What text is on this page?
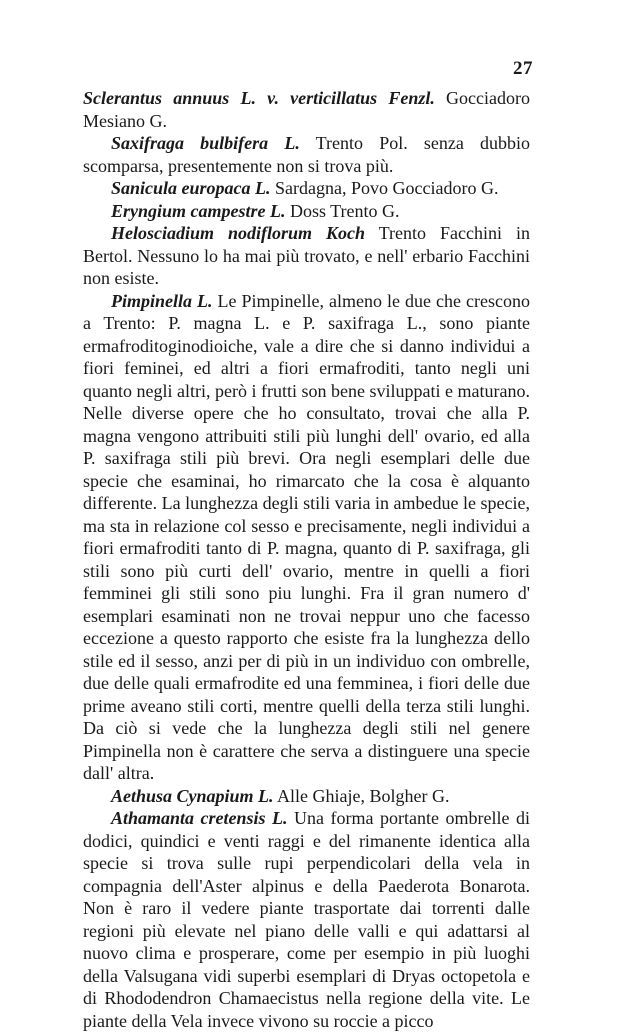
27

Sclerantus annuus L. v. verticillatus Fenzl. Gocciadoro Mesiano G.

Saxifraga bulbifera L. Trento Pol. senza dubbio scomparsa, presentemente non si trova più.

Sanicula europaca L. Sardagna, Povo Gocciadoro G.

Eryngium campestre L. Doss Trento G.

Helosciadium nodiflorum Koch Trento Facchini in Bertol. Nessuno lo ha mai più trovato, e nell' erbario Facchini non esiste.

Pimpinella L. Le Pimpinelle, almeno le due che crescono a Trento: P. magna L. e P. saxifraga L., sono piante ermafroditoginodioiche, vale a dire che si danno individui a fiori feminei, ed altri a fiori ermafroditi, tanto negli uni quanto negli altri, però i frutti son bene sviluppati e maturano. Nelle diverse opere che ho consultato, trovai che alla P. magna vengono attribuiti stili più lunghi dell' ovario, ed alla P. saxifraga stili più brevi. Ora negli esemplari delle due specie che esaminai, ho rimarcato che la cosa è alquanto differente. La lunghezza degli stili varia in ambedue le specie, ma sta in relazione col sesso e precisamente, negli individui a fiori ermafroditi tanto di P. magna, quanto di P. saxifraga, gli stili sono più curti dell' ovario, mentre in quelli a fiori femminei gli stili sono piu lunghi. Fra il gran numero d' esemplari esaminati non ne trovai neppur uno che facesso eccezione a questo rapporto che esiste fra la lunghezza dello stile ed il sesso, anzi per di più in un individuo con ombrelle, due delle quali ermafrodite ed una femminea, i fiori delle due prime aveano stili corti, mentre quelli della terza stili lunghi. Da ciò si vede che la lunghezza degli stili nel genere Pimpinella non è carattere che serva a distinguere una specie dall' altra.

Aethusa Cynapium L. Alle Ghiaje, Bolgher G.

Athamanta cretensis L. Una forma portante ombrelle di dodici, quindici e venti raggi e del rimanente identica alla specie si trova sulle rupi perpendicolari della vela in compagnia dell'Aster alpinus e della Paederota Bonarota. Non è raro il vedere piante trasportate dai torrenti dalle regioni più elevate nel piano delle valli e qui adattarsi al nuovo clima e prosperare, come per esempio in più luoghi della Valsugana vidi superbi esemplari di Dryas octopetola e di Rhododendron Chamaecistus nella regione della vite. Le piante della Vela invece vivono su roccie a picco
